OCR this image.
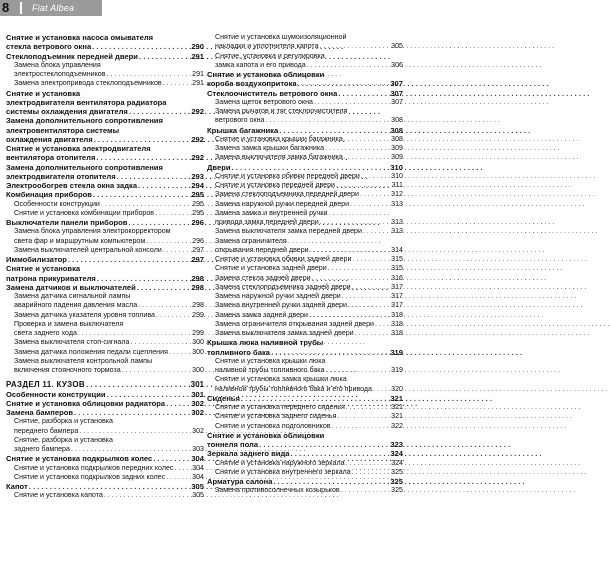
8	Fiat Albea
Снятие и установка насоса омывателя
стекла ветрового окна . . .	290
Стеклоподъемник передней двери . . .	291
Замена блока управления
электростеклоподъемников . . .	291
Замена электропривода стеклоподъемников . . .	291
Снятие и установка
электродвигателя вентилятора радиатора
системы охлаждения двигателя . . .	292
Замена дополнительного сопротивления
электровентилятора системы
охлаждения двигателя . . .	292
Снятие и установка электродвигателя
вентилятора отопителя . . .	292
Замена дополнительного сопротивления
электродвигателя отопителя . . .	293
Электрообогрев стекла окна задка . . .	294
Комбинация приборов . . .	295
Особенности конструкции . . .	295
Снятие и установка комбинации приборов . . .	295
Выключатели панели приборов . . .	296
Замена блока управления электрокорректором
света фар и маршрутным компьютером . . .	296
Замена выключателей центральной консоли . . .	297
Иммобилизатор . . .	297
Снятие и установка
патрона прикуривателя . . .	298
Замена датчиков и выключателей . . .	298
Замена датчика сигнальной лампы
аварийного падения давления масла . . .	298
Замена датчика указателя уровня топлива . . .	299
Проверка и замена выключателя
света заднего хода . . .	299
Замена выключателя стоп-сигнала . . .	300
Замена датчика положения педали сцепления . . .	300
Замена выключателя контрольной лампы
включения стояночного тормоза . . .	300
РАЗДЕЛ 11. КУЗОВ . . .	301
Особенности конструкции . . .	301
Снятие и установка облицовки радиатора . . .	302
Замена бамперов . . .	302
Снятие, разборка и установка
переднего бампера . . .	302
Снятие, разборка и установка
заднего бампера . . .	303
Снятие и установка подкрылков колес . . .	304
Снятие и установка подкрылков передних колес . . .	304
Снятие и установка подкрылков задних колес . . .	304
Капот . . .	305
Снятие и установка капота . . .	305
Снятие и установка шумоизоляционной
накладки и уплотнителя капота . . .	305
Снятие, установка и регулировка
замка капота и его привода . . .	306
Снятие и установка облицовки
короба воздухопритока . . .	307
Стеклоочиститель ветрового окна . . .	307
Замена щеток ветрового окна . . .	307
Замена рычагов и тяг стеклоочистителя
ветрового окна . . .	308
Крышка багажника . . .	308
Снятие и установка крышки багажника . . .	308
Замена замка крышки багажника . . .	309
Замена выключателя замка багажника . . .	309
Двери . . .	310
Снятие и установка обивки передней двери . . .	310
Снятие и установка передней двери . . .	311
Замена стеклоподъемника передней двери . . .	312
Замена наружной ручки передней двери . . .	313
Замена замка и внутренней ручки
привода замка передней двери . . .	313
Замена выключателя замка передней двери . . .	313
Замена ограничителя
открывания передней двери . . .	314
Снятие и установка обивки задней двери . . .	315
Снятие и установка задней двери . . .	315
Замена стекла задней двери . . .	316
Замена стеклоподъемника задней двери . . .	317
Замена наружной ручки задней двери . . .	317
Замена внутренней ручки задней двери . . .	317
Замена замка задней двери . . .	318
Замена ограничителя открывания задней двери . . . 318
Замена выключателя замка задней двери . . .	318
Крышка люка наливной трубы
топливного бака . . .	319
Снятие и установка крышки люка
наливной трубы топливного бака . . .	319
Снятие и установка замка крышки люка
наливной трубы топливного бака и его привода . . .	320
Сиденья . . .	321
Снятие и установка переднего сиденья . . .	321
Снятие и установка заднего сиденья . . .	321
Снятие и установка подголовников . . .	322
Снятие и установка облицовки
тоннеля пола . . .	323
Зеркала заднего вида . . .	324
Снятие и установка наружного зеркала . . .	324
Снятие и установка внутреннего зеркала . . .	325
Арматура салона . . .	325
Замена противосолнечных козырьков . . .	325
